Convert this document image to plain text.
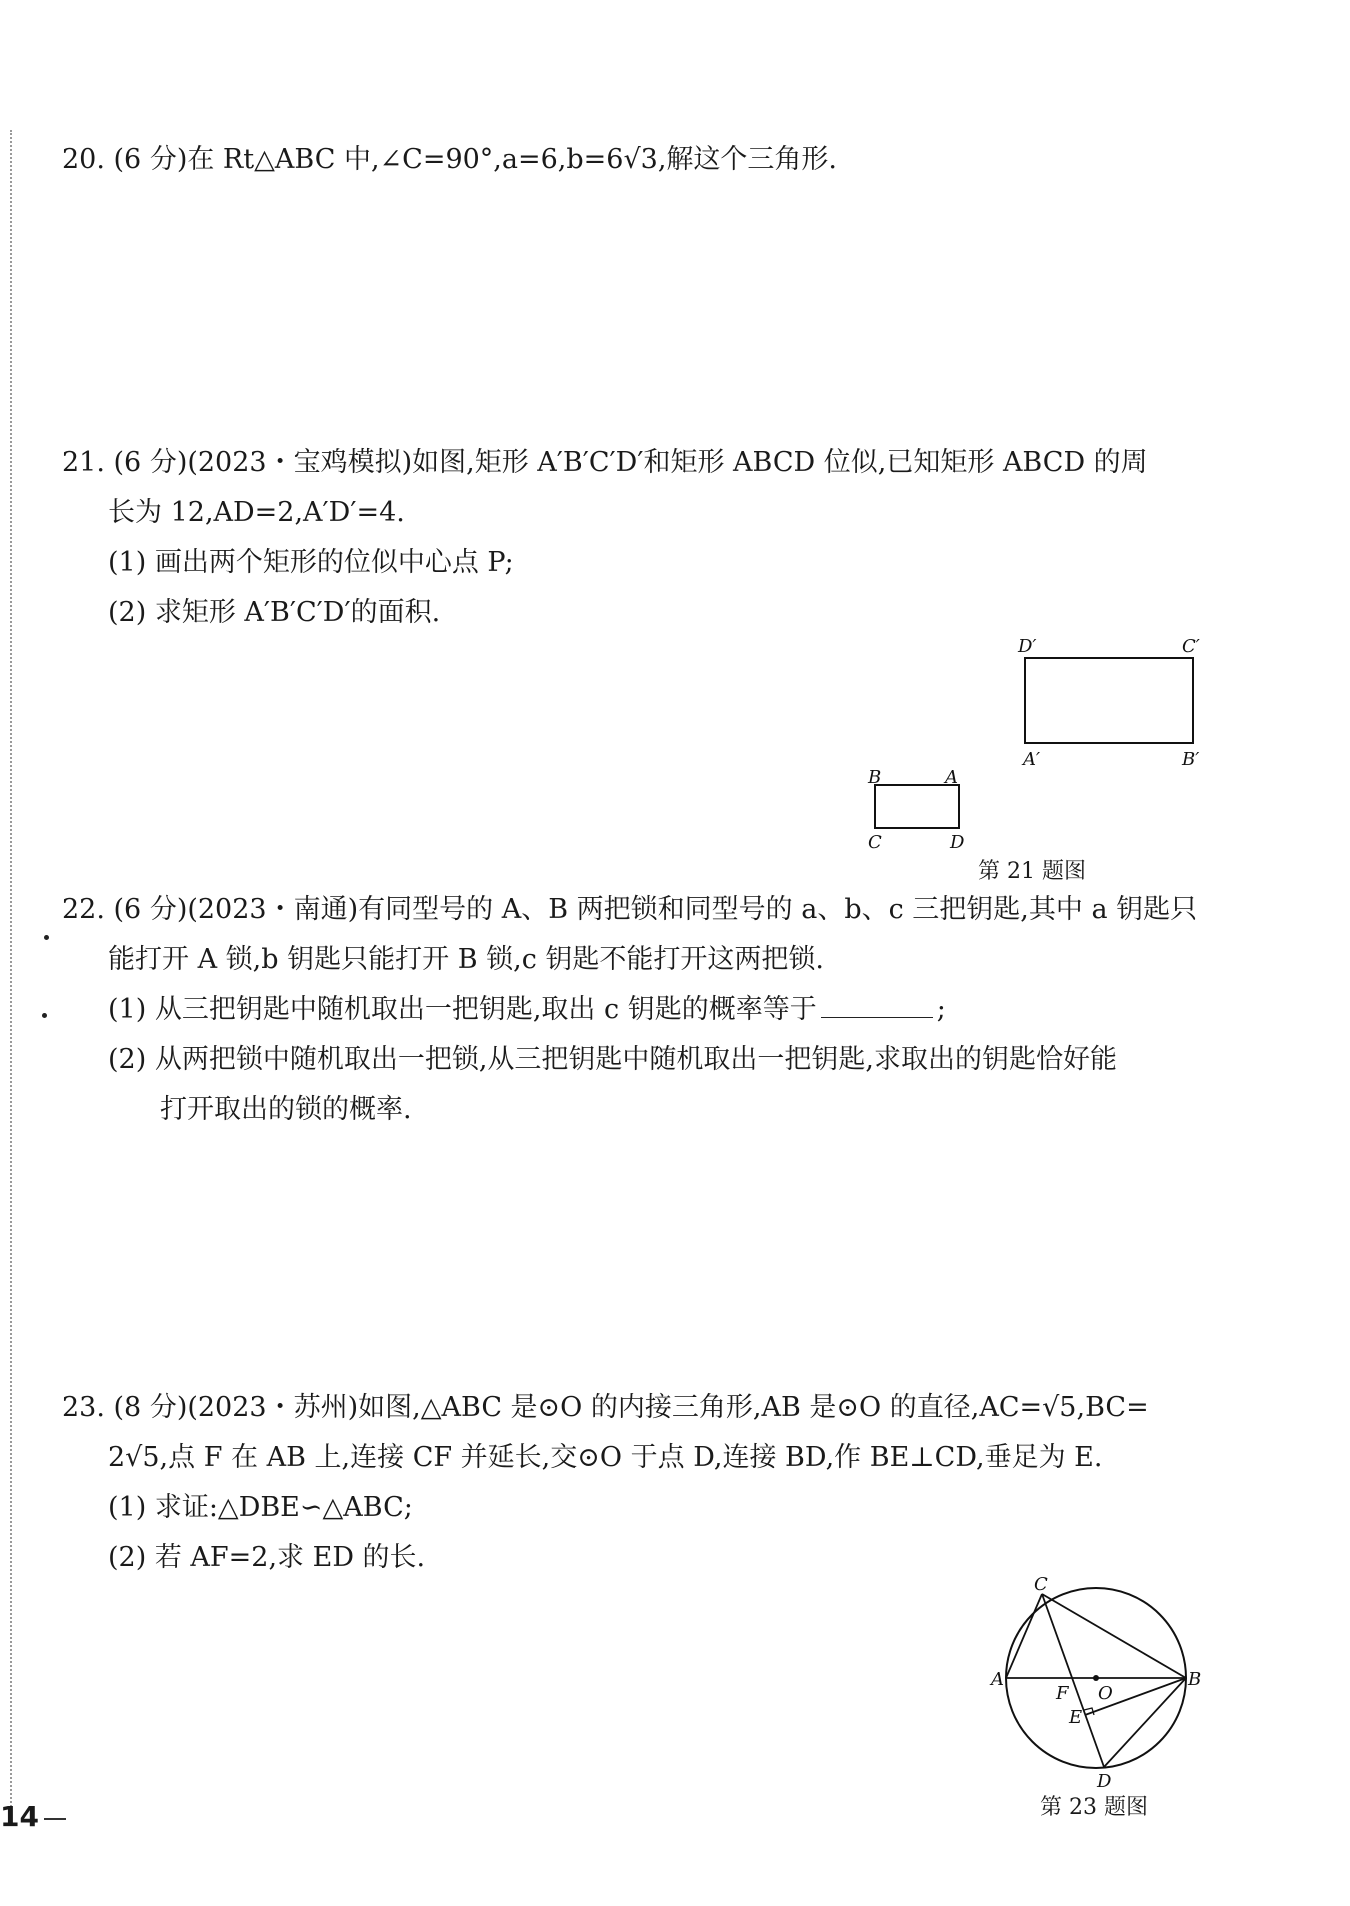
20. (6 分)在 Rt△ABC 中,∠C=90°,a=6,b=6√3,解这个三角形.
21. (6 分)(2023・宝鸡模拟)如图,矩形 A′B′C′D′和矩形 ABCD 位似,已知矩形 ABCD 的周
长为 12,AD=2,A′D′=4.
(1) 画出两个矩形的位似中心点 P;
(2) 求矩形 A′B′C′D′的面积.
D′	C′
A′	B′
B	A
C	D
第 21 题图
22. (6 分)(2023・南通)有同型号的 A、B 两把锁和同型号的 a、b、c 三把钥匙,其中 a 钥匙只
能打开 A 锁,b 钥匙只能打开 B 锁,c 钥匙不能打开这两把锁.
(1) 从三把钥匙中随机取出一把钥匙,取出 c 钥匙的概率等于	;
(2) 从两把锁中随机取出一把锁,从三把钥匙中随机取出一把钥匙,求取出的钥匙恰好能
打开取出的锁的概率.
23. (8 分)(2023・苏州)如图,△ABC 是⊙O 的内接三角形,AB 是⊙O 的直径,AC=√5,BC=
2√5,点 F 在 AB 上,连接 CF 并延长,交⊙O 于点 D,连接 BD,作 BE⊥CD,垂足为 E.
(1) 求证:△DBE∽△ABC;
(2) 若 AF=2,求 ED 的长.
C
A
F O
B
E
D
第 23 题图
14
